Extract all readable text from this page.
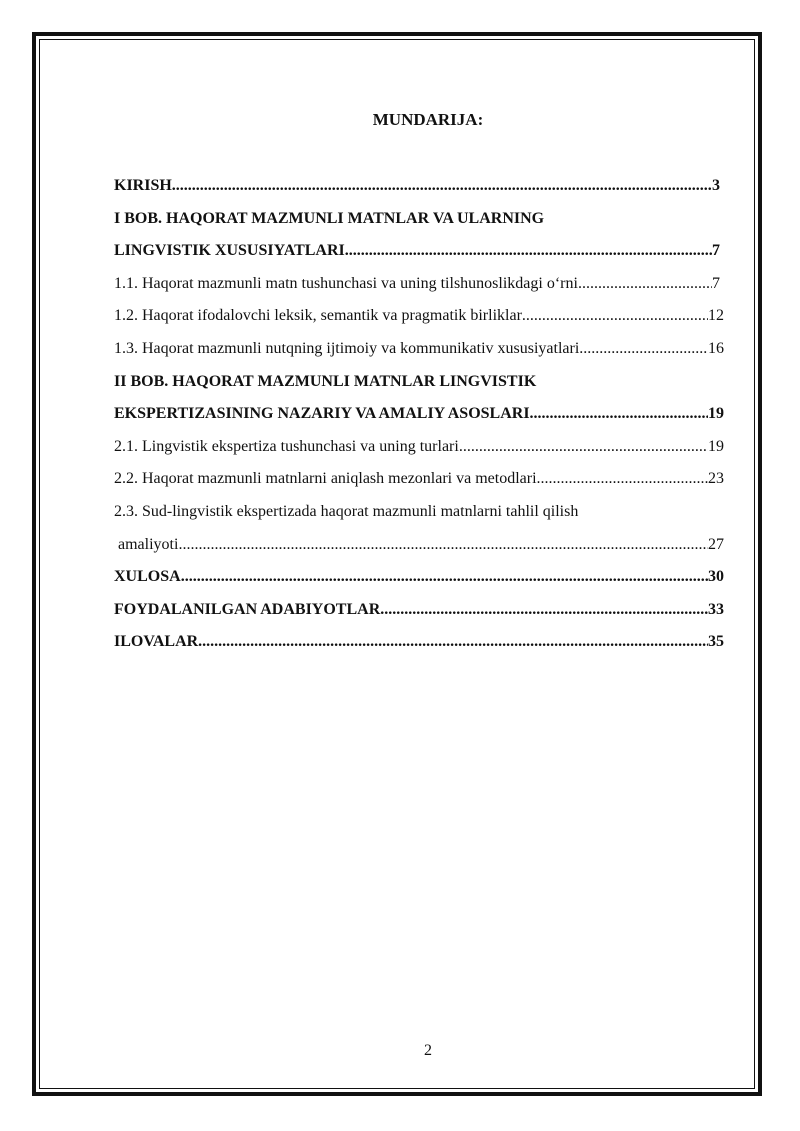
MUNDARIJA:
KIRISH .....	3
I BOB. HAQORAT MAZMUNLI MATNLAR VA ULARNING
LINGVISTIK XUSUSIYATLARI .....	7
1.1. Haqorat mazmunli matn tushunchasi va uning tilshunoslikdagi o‘rni .....	7
1.2. Haqorat ifodalovchi leksik, semantik va pragmatik birliklar .....	12
1.3. Haqorat mazmunli nutqning ijtimoiy va kommunikativ xususiyatlari .....	16
II BOB. HAQORAT MAZMUNLI MATNLAR LINGVISTIK
EKSPERTIZASINING NAZARIY VA AMALIY ASOSLARI .....	19
2.1. Lingvistik ekspertiza tushunchasi va uning turlari .....	19
2.2. Haqorat mazmunli matnlarni aniqlash mezonlari va metodlari .....	23
2.3. Sud-lingvistik ekspertizada haqorat mazmunli matnlarni tahlil qilish
amaliyoti .....	27
XULOSA .....	30
FOYDALANILGAN ADABIYOTLAR .....	33
ILOVALAR .....	35
2
